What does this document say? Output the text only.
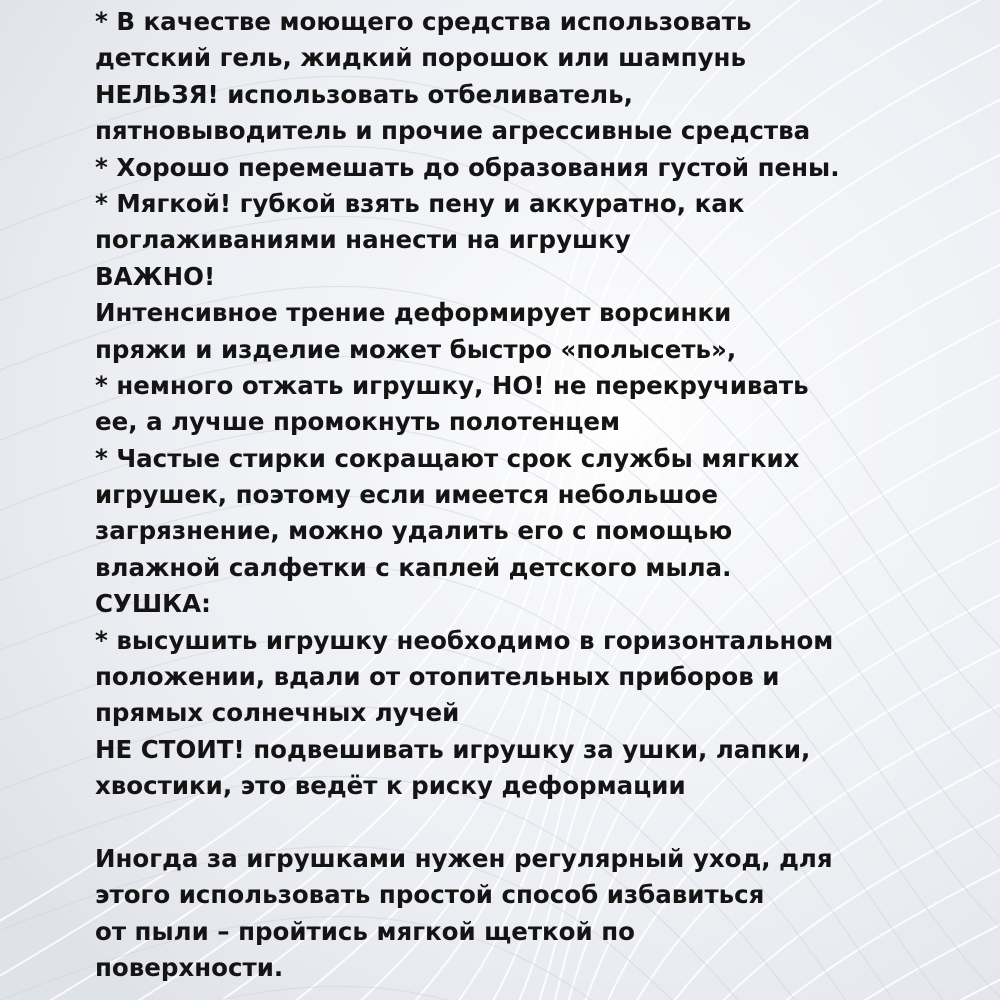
* В качестве моющего средства использовать
детский гель, жидкий порошок или шампунь
НЕЛЬЗЯ! использовать отбеливатель,
пятновыводитель и прочие агрессивные средства
* Хорошо перемешать до образования густой пены.
* Мягкой! губкой взять пену и аккуратно, как
поглаживаниями нанести на игрушку
ВАЖНО!
Интенсивное трение деформирует ворсинки
пряжи и изделие может быстро «полысеть»,
* немного отжать игрушку, НО! не перекручивать
ее, а лучше промокнуть полотенцем
* Частые стирки сокращают срок службы мягких
игрушек, поэтому если имеется небольшое
загрязнение, можно удалить его с помощью
влажной салфетки с каплей детского мыла.
СУШКА:
* высушить игрушку необходимо в горизонтальном
положении, вдали от отопительных приборов и
прямых солнечных лучей
НЕ СТОИТ! подвешивать игрушку за ушки, лапки,
хвостики, это ведёт к риску деформации
Иногда за игрушками нужен регулярный уход, для
этого использовать простой способ избавиться
от пыли – пройтись мягкой щеткой по
поверхности.
